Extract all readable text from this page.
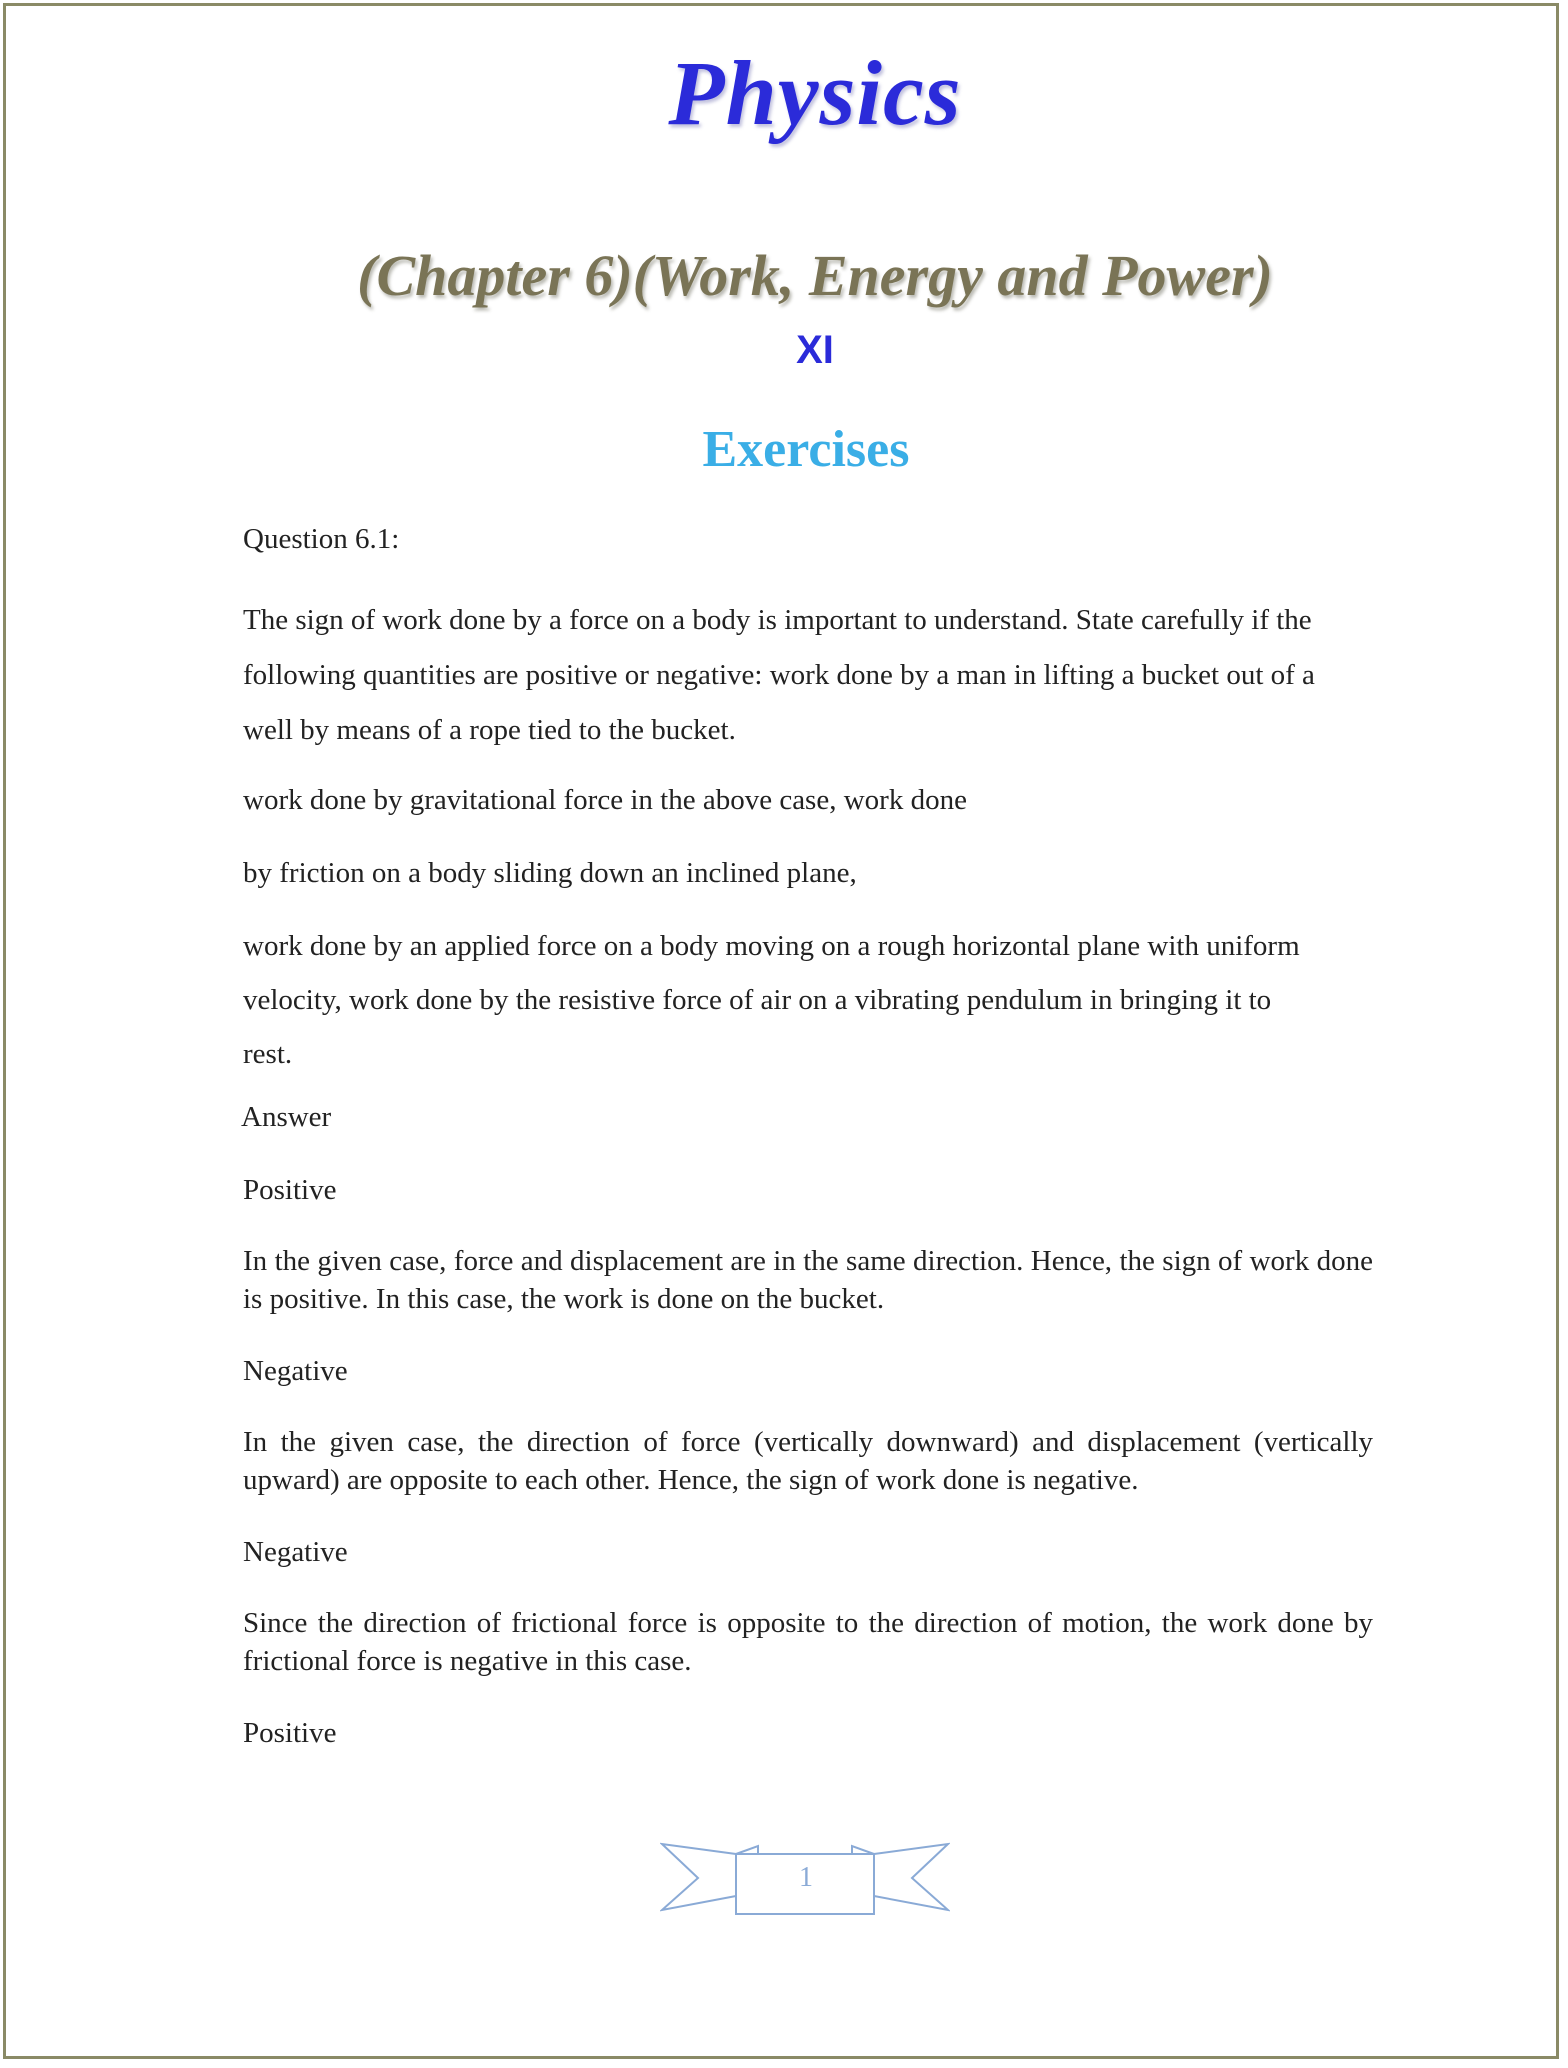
Physics
(Chapter 6)(Work, Energy and Power)
XI
Exercises

Question 6.1:

The sign of work done by a force on a body is important to understand. State carefully if the following quantities are positive or negative: work done by a man in lifting a bucket out of a well by means of a rope tied to the bucket.

work done by gravitational force in the above case, work done

by friction on a body sliding down an inclined plane,

work done by an applied force on a body moving on a rough horizontal plane with uniform velocity, work done by the resistive force of air on a vibrating pendulum in bringing it to rest.

Answer

Positive

In the given case, force and displacement are in the same direction. Hence, the sign of work done is positive. In this case, the work is done on the bucket.

Negative

In the given case, the direction of force (vertically downward) and displacement (vertically upward) are opposite to each other. Hence, the sign of work done is negative.

Negative

Since the direction of frictional force is opposite to the direction of motion, the work done by frictional force is negative in this case.

Positive

1
